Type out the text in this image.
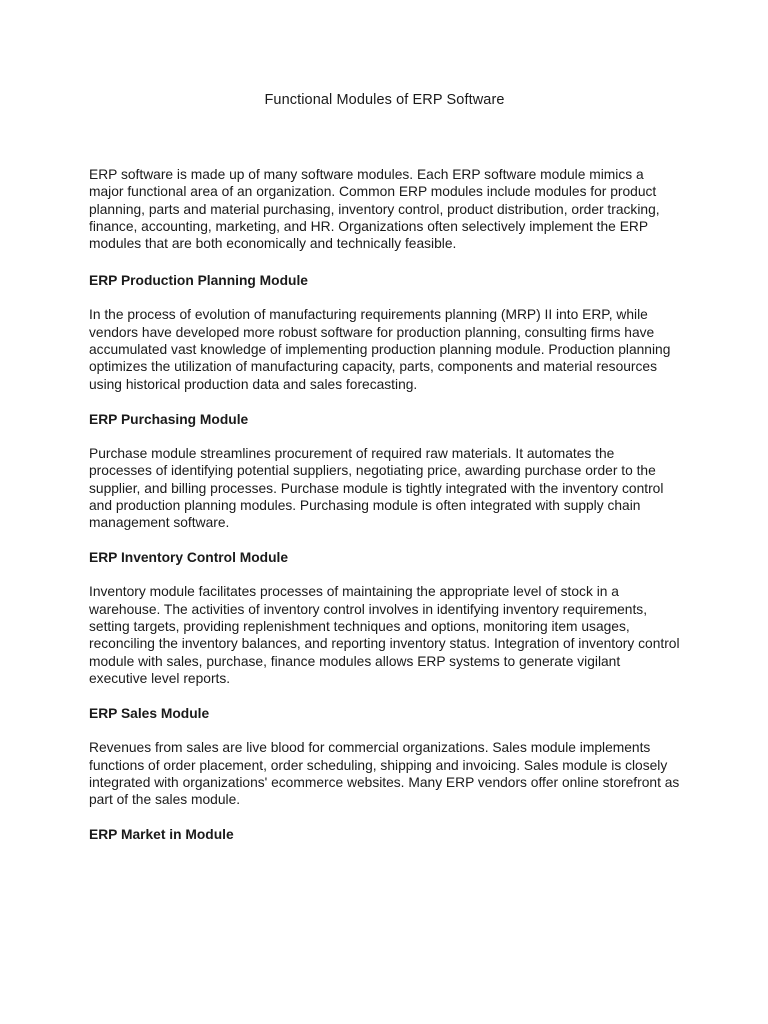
Functional Modules of ERP Software

ERP software is made up of many software modules. Each ERP software module mimics a major functional area of an organization. Common ERP modules include modules for product planning, parts and material purchasing, inventory control, product distribution, order tracking, finance, accounting, marketing, and HR. Organizations often selectively implement the ERP modules that are both economically and technically feasible.

ERP Production Planning Module

In the process of evolution of manufacturing requirements planning (MRP) II into ERP, while vendors have developed more robust software for production planning, consulting firms have accumulated vast knowledge of implementing production planning module. Production planning optimizes the utilization of manufacturing capacity, parts, components and material resources using historical production data and sales forecasting.

ERP Purchasing Module

Purchase module streamlines procurement of required raw materials. It automates the processes of identifying potential suppliers, negotiating price, awarding purchase order to the supplier, and billing processes. Purchase module is tightly integrated with the inventory control and production planning modules. Purchasing module is often integrated with supply chain management software.

ERP Inventory Control Module

Inventory module facilitates processes of maintaining the appropriate level of stock in a warehouse. The activities of inventory control involves in identifying inventory requirements, setting targets, providing replenishment techniques and options, monitoring item usages, reconciling the inventory balances, and reporting inventory status. Integration of inventory control module with sales, purchase, finance modules allows ERP systems to generate vigilant executive level reports.

ERP Sales Module

Revenues from sales are live blood for commercial organizations. Sales module implements functions of order placement, order scheduling, shipping and invoicing. Sales module is closely integrated with organizations' ecommerce websites. Many ERP vendors offer online storefront as part of the sales module.

ERP Market in Module
